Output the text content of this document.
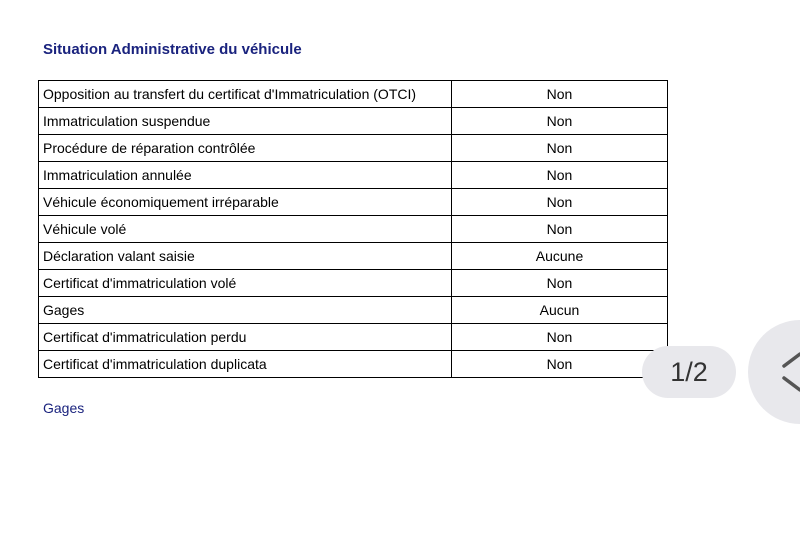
Situation Administrative du véhicule
Opposition au transfert du certificat d'Immatriculation (OTCI)	Non
Immatriculation suspendue	Non
Procédure de réparation contrôlée	Non
Immatriculation annulée	Non
Véhicule économiquement irréparable	Non
Véhicule volé	Non
Déclaration valant saisie	Aucune
Certificat d'immatriculation volé	Non
Gages	Aucun
Certificat d'immatriculation perdu	Non
Certificat d'immatriculation duplicata	Non
Gages
1/2
